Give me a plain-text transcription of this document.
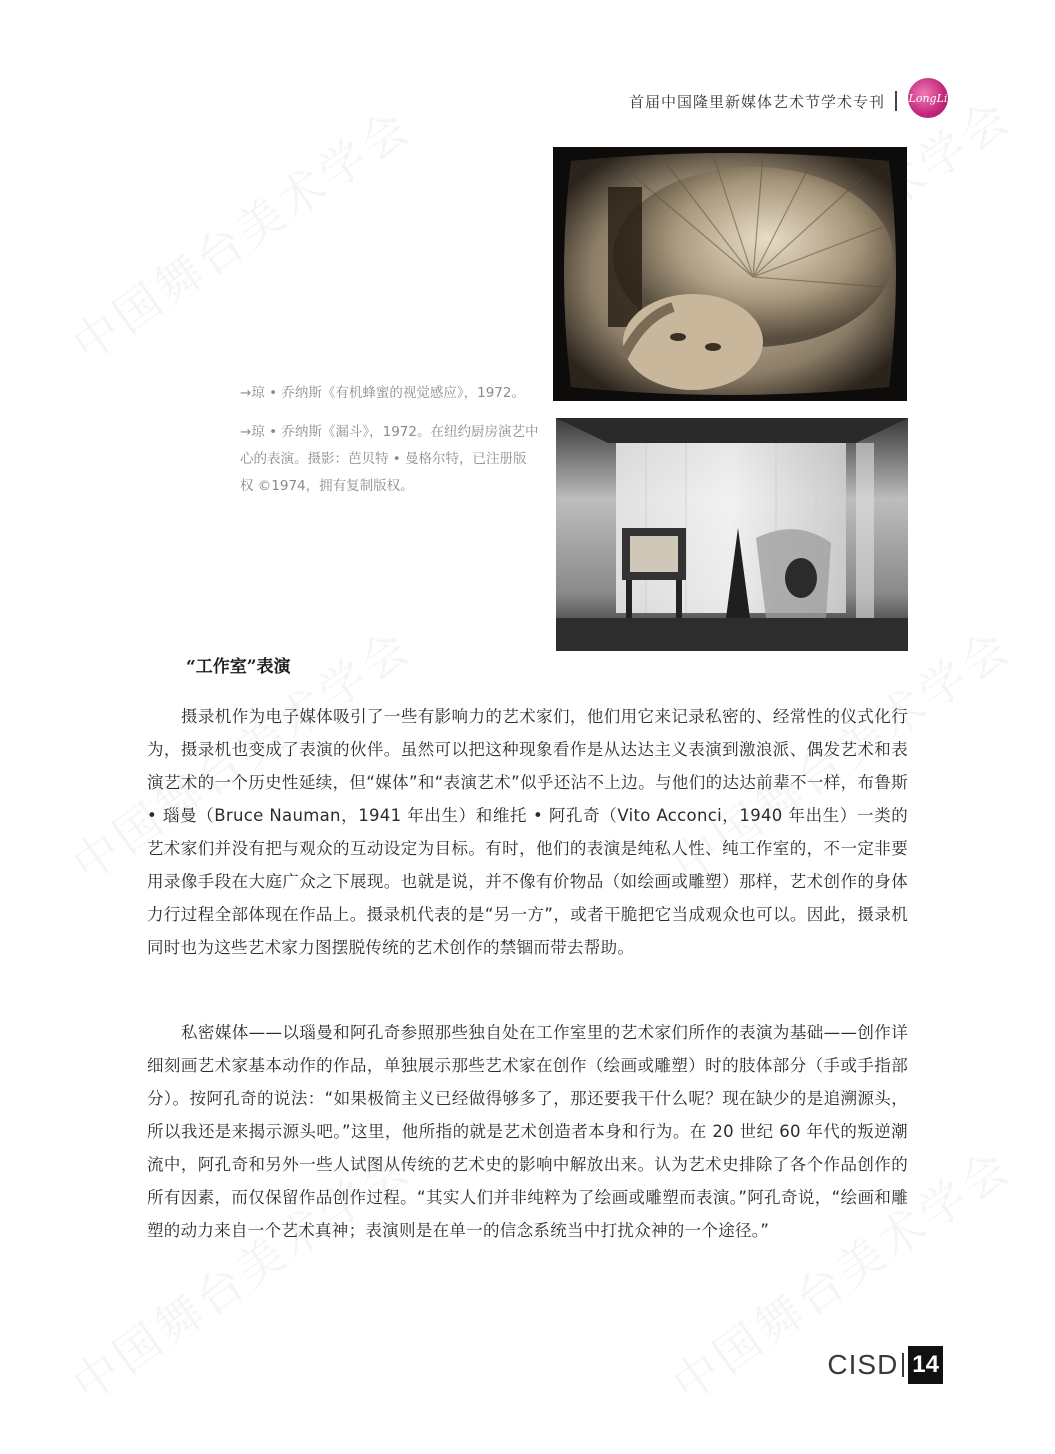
首届中国隆里新媒体艺术节学术专刊 LongLi
→琼 • 乔纳斯《有机蜂蜜的视觉感应》，1972。
→琼 • 乔纳斯《漏斗》，1972。在纽约厨房演艺中心的表演。摄影：芭贝特 • 曼格尔特，已注册版权 ©1974，拥有复制版权。
“工作室”表演

摄录机作为电子媒体吸引了一些有影响力的艺术家们，他们用它来记录私密的、经常性的仪式化行为，摄录机也变成了表演的伙伴。虽然可以把这种现象看作是从达达主义表演到激浪派、偶发艺术和表演艺术的一个历史性延续，但“媒体”和“表演艺术”似乎还沾不上边。与他们的达达前辈不一样，布鲁斯 • 瑙曼（Bruce Nauman，1941 年出生）和维托 • 阿孔奇（Vito Acconci，1940 年出生）一类的艺术家们并没有把与观众的互动设定为目标。有时，他们的表演是纯私人性、纯工作室的，不一定非要用录像手段在大庭广众之下展现。也就是说，并不像有价物品（如绘画或雕塑）那样，艺术创作的身体力行过程全部体现在作品上。摄录机代表的是“另一方”，或者干脆把它当成观众也可以。因此，摄录机同时也为这些艺术家力图摆脱传统的艺术创作的禁锢而带去帮助。

私密媒体——以瑙曼和阿孔奇参照那些独自处在工作室里的艺术家们所作的表演为基础——创作详细刻画艺术家基本动作的作品，单独展示那些艺术家在创作（绘画或雕塑）时的肢体部分（手或手指部分）。按阿孔奇的说法：“如果极简主义已经做得够多了，那还要我干什么呢？现在缺少的是追溯源头，所以我还是来揭示源头吧。”这里，他所指的就是艺术创造者本身和行为。在 20 世纪 60 年代的叛逆潮流中，阿孔奇和另外一些人试图从传统的艺术史的影响中解放出来。认为艺术史排除了各个作品创作的所有因素，而仅保留作品创作过程。“其实人们并非纯粹为了绘画或雕塑而表演。”阿孔奇说，“绘画和雕塑的动力来自一个艺术真神；表演则是在单一的信念系统当中打扰众神的一个途径。”

CISD 14
